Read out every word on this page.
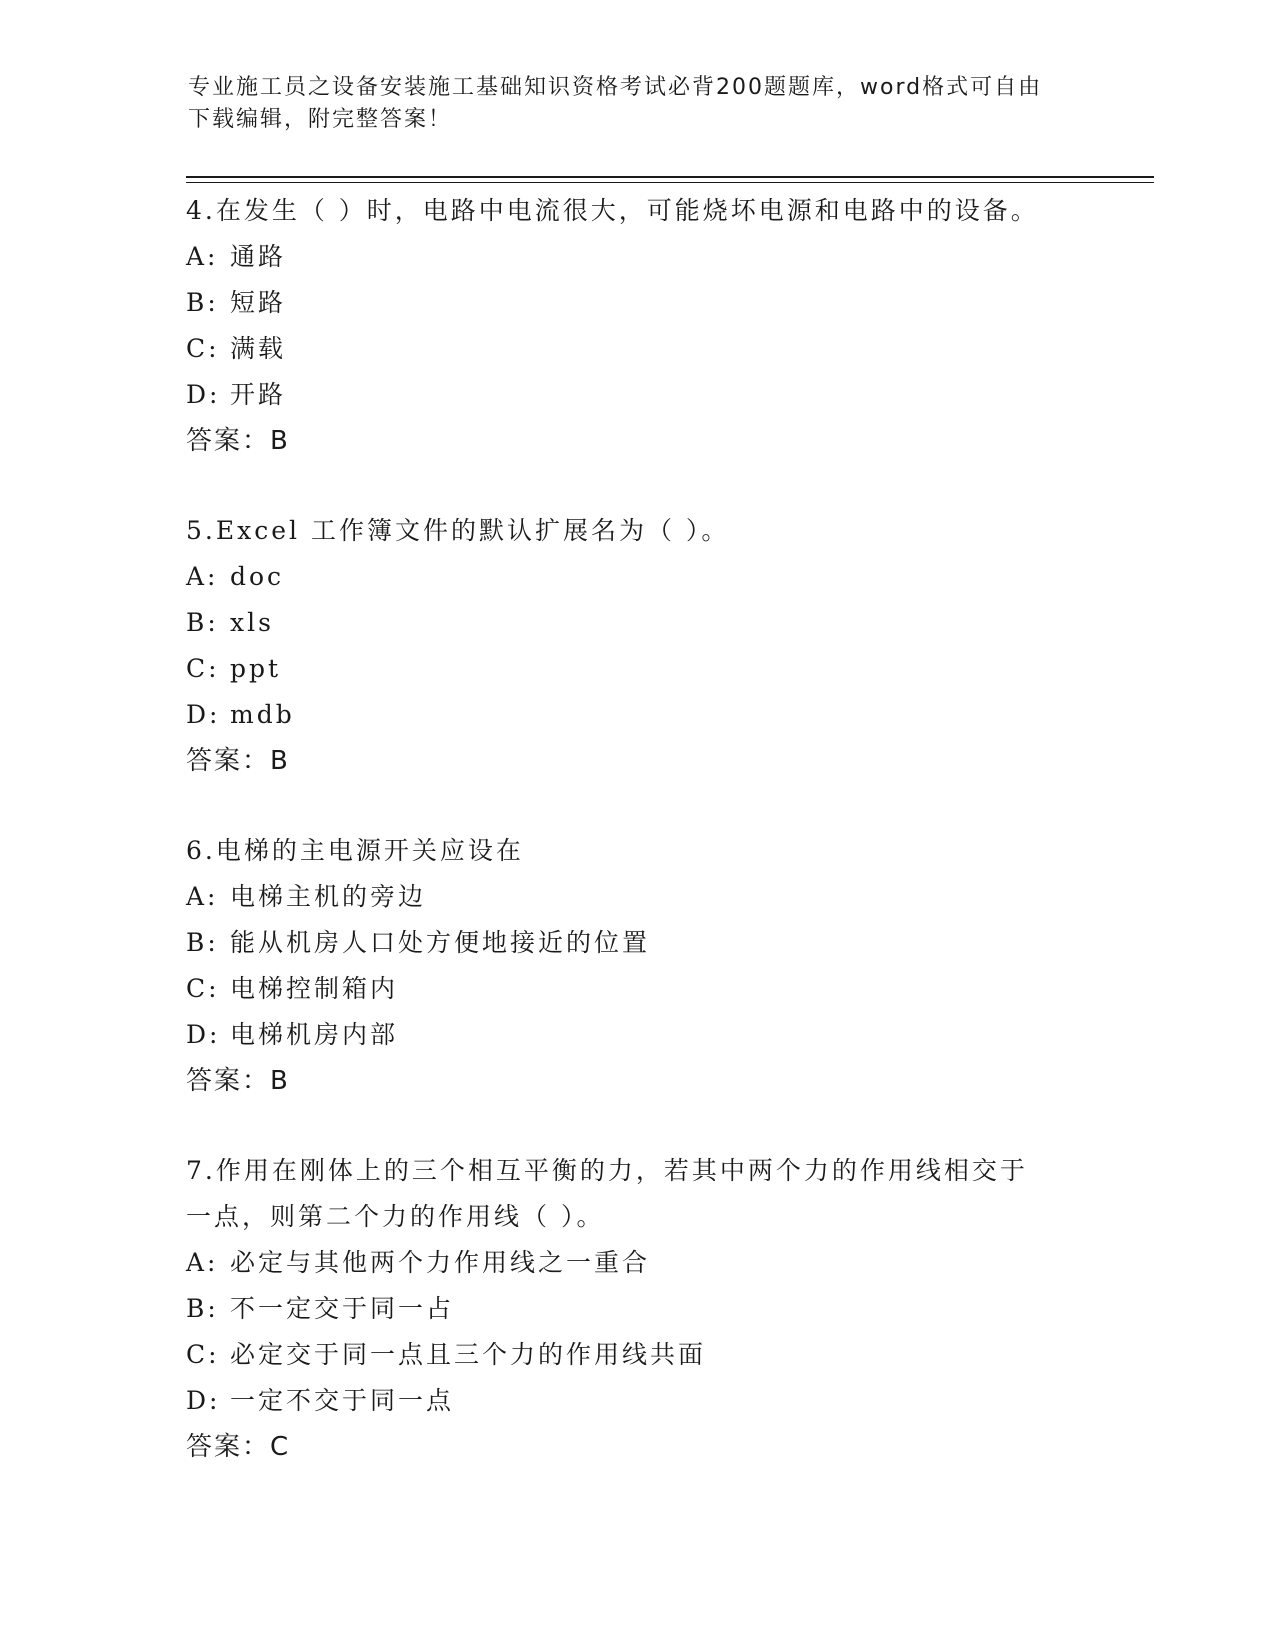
专业施工员之设备安装施工基础知识资格考试必背200题题库，word格式可自由
下载编辑，附完整答案！
4.在发生（ ）时，电路中电流很大，可能烧坏电源和电路中的设备。
A: 通路
B: 短路
C: 满载
D: 开路
答案：B
5.Excel 工作簿文件的默认扩展名为（ ）。
A: doc
B: xls
C: ppt
D: mdb
答案：B
6.电梯的主电源开关应设在
A: 电梯主机的旁边
B: 能从机房人口处方便地接近的位置
C: 电梯控制箱内
D: 电梯机房内部
答案：B
7.作用在刚体上的三个相互平衡的力，若其中两个力的作用线相交于
一点，则第二个力的作用线（ ）。
A: 必定与其他两个力作用线之一重合
B: 不一定交于同一占
C: 必定交于同一点且三个力的作用线共面
D: 一定不交于同一点
答案：C
